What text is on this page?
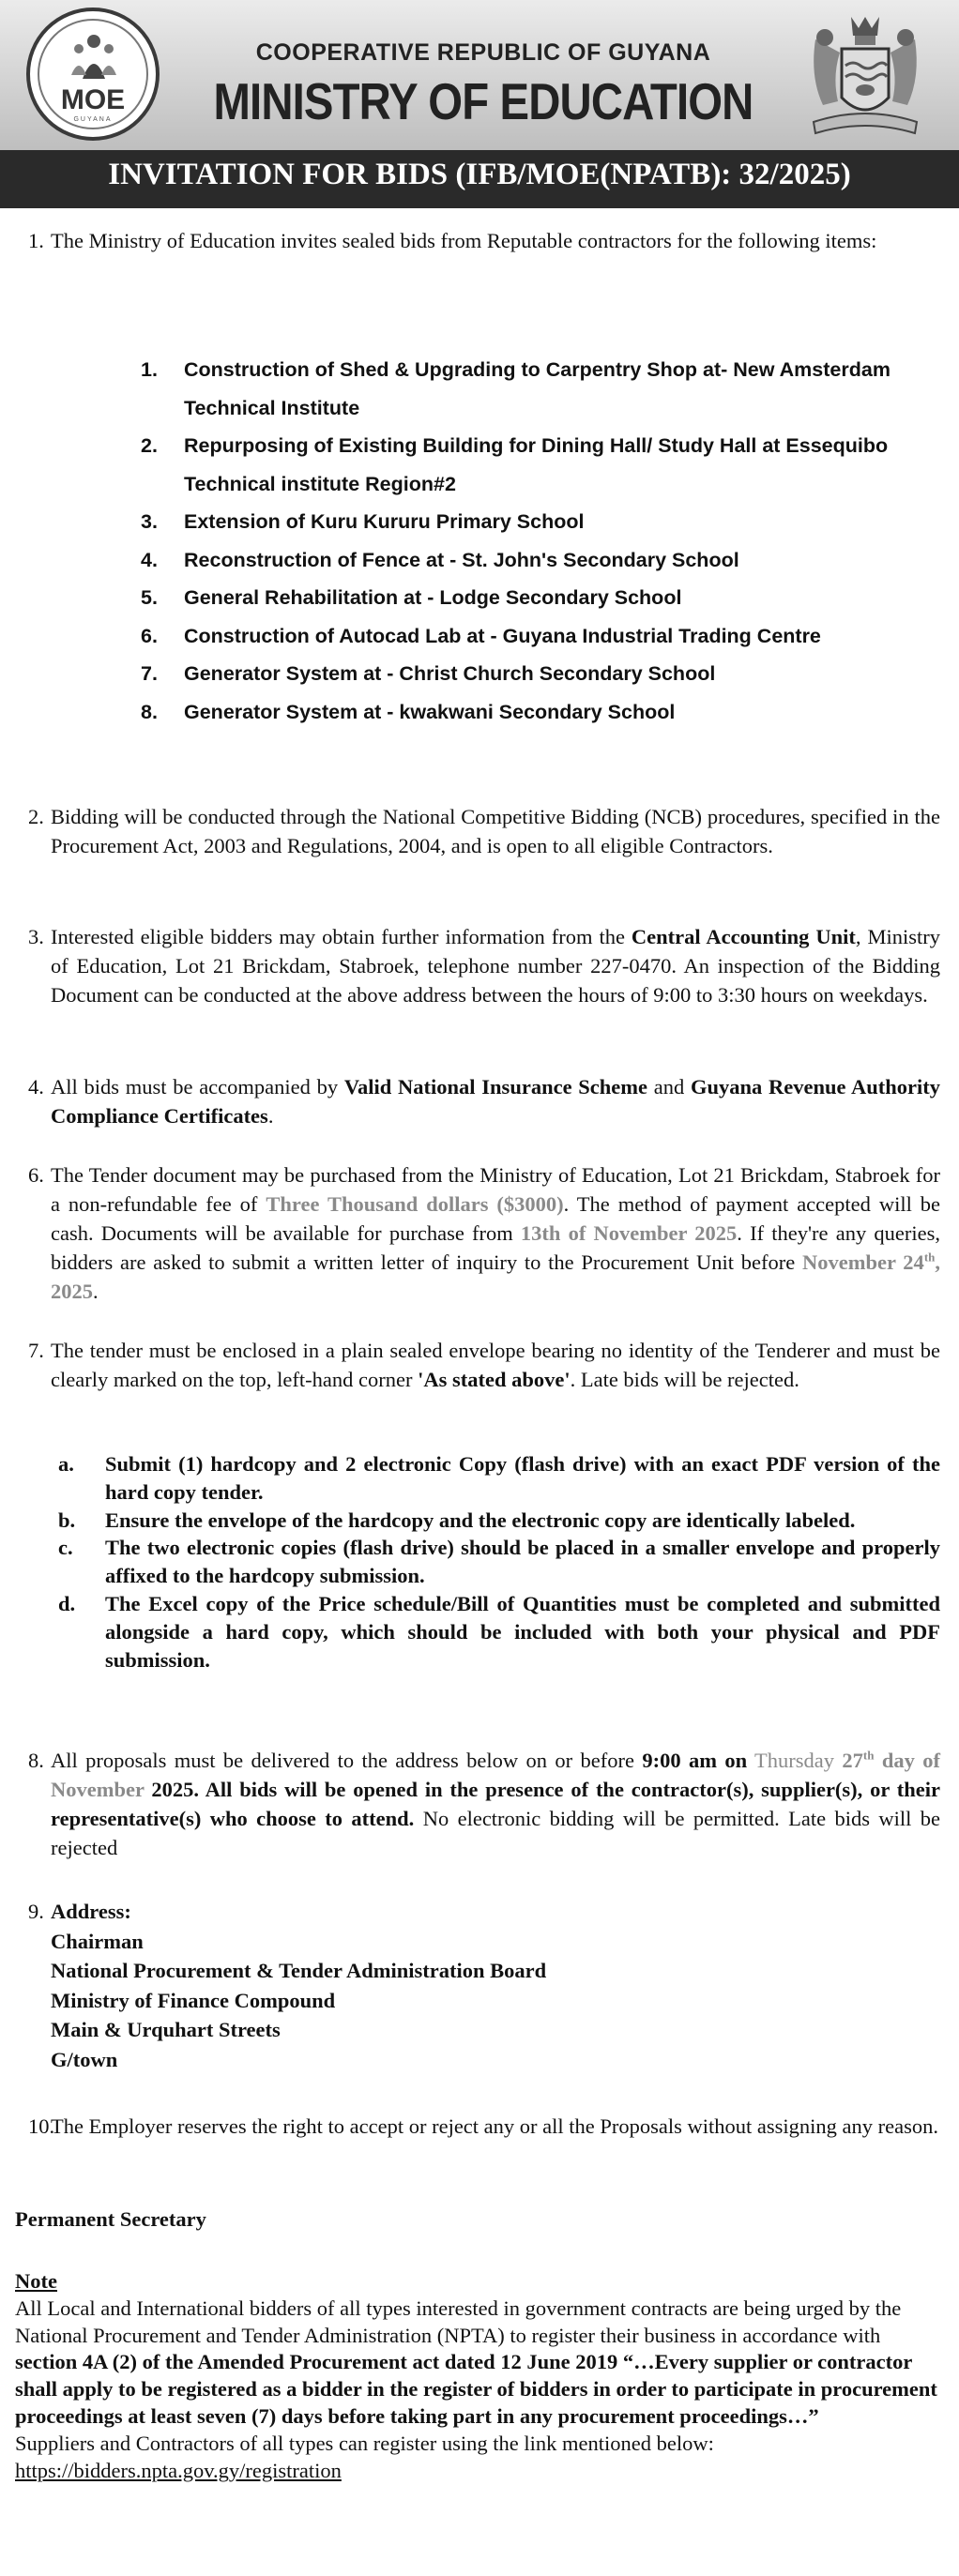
MOE
GUYANA
COOPERATIVE REPUBLIC OF GUYANA
MINISTRY OF EDUCATION
INVITATION FOR BIDS (IFB/MOE(NPATB): 32/2025)
1. The Ministry of Education invites sealed bids from Reputable contractors for the following items:
1. Construction of Shed & Upgrading to Carpentry Shop at- New Amsterdam Technical Institute
2. Repurposing of Existing Building for Dining Hall/ Study Hall at Essequibo Technical institute Region#2
3. Extension of Kuru Kururu Primary School
4. Reconstruction of Fence at - St. John's Secondary School
5. General Rehabilitation at - Lodge Secondary School
6. Construction of Autocad Lab at - Guyana Industrial Trading Centre
7. Generator System at - Christ Church Secondary School
8. Generator System at - kwakwani Secondary School
2. Bidding will be conducted through the National Competitive Bidding (NCB) procedures, specified in the Procurement Act, 2003 and Regulations, 2004, and is open to all eligible Contractors.
3. Interested eligible bidders may obtain further information from the Central Accounting Unit, Ministry of Education, Lot 21 Brickdam, Stabroek, telephone number 227-0470. An inspection of the Bidding Document can be conducted at the above address between the hours of 9:00 to 3:30 hours on weekdays.
4. All bids must be accompanied by Valid National Insurance Scheme and Guyana Revenue Authority Compliance Certificates.
6. The Tender document may be purchased from the Ministry of Education, Lot 21 Brickdam, Stabroek for a non-refundable fee of Three Thousand dollars ($3000). The method of payment accepted will be cash. Documents will be available for purchase from 13th of November 2025. If they're any queries, bidders are asked to submit a written letter of inquiry to the Procurement Unit before November 24th, 2025.
7. The tender must be enclosed in a plain sealed envelope bearing no identity of the Tenderer and must be clearly marked on the top, left-hand corner 'As stated above'. Late bids will be rejected.
a. Submit (1) hardcopy and 2 electronic Copy (flash drive) with an exact PDF version of the hard copy tender.
b. Ensure the envelope of the hardcopy and the electronic copy are identically labeled.
c. The two electronic copies (flash drive) should be placed in a smaller envelope and properly affixed to the hardcopy submission.
d. The Excel copy of the Price schedule/Bill of Quantities must be completed and submitted alongside a hard copy, which should be included with both your physical and PDF submission.
8. All proposals must be delivered to the address below on or before 9:00 am on Thursday 27th day of November 2025. All bids will be opened in the presence of the contractor(s), supplier(s), or their representative(s) who choose to attend. No electronic bidding will be permitted. Late bids will be rejected
9. Address:
Chairman
National Procurement & Tender Administration Board
Ministry of Finance Compound
Main & Urquhart Streets
G/town
10.
The Employer reserves the right to accept or reject any or all the Proposals without assigning any reason.
Permanent Secretary
Note
All Local and International bidders of all types interested in government contracts are being urged by the National Procurement and Tender Administration (NPTA) to register their business in accordance with section 4A (2) of the Amended Procurement act dated 12 June 2019 “…Every supplier or contractor shall apply to be registered as a bidder in the register of bidders in order to participate in procurement proceedings at least seven (7) days before taking part in any procurement proceedings…”
Suppliers and Contractors of all types can register using the link mentioned below:
https://bidders.npta.gov.gy/registration
